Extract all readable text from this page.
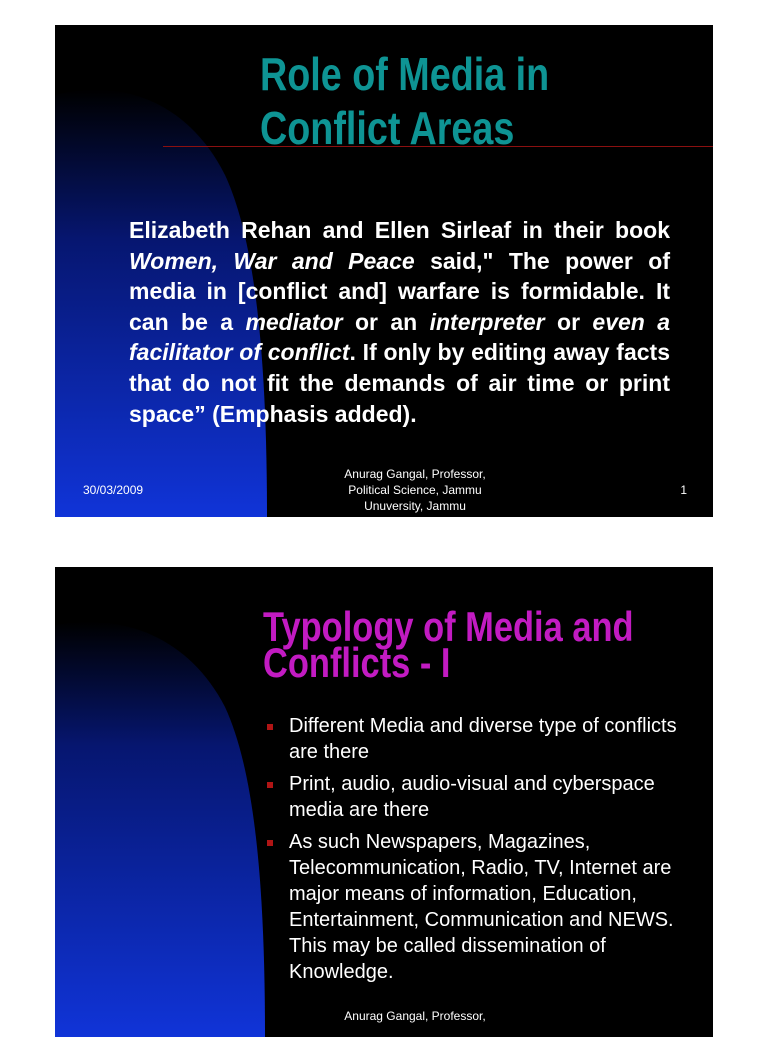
Role of Media in
Conflict Areas

Elizabeth Rehan and Ellen Sirleaf in their book Women, War and Peace said," The power of media in [conflict and] warfare is formidable. It can be a mediator or an interpreter or even a facilitator of conflict. If only by editing away facts that do not fit the demands of air time or print space” (Emphasis added).

30/03/2009
Anurag Gangal, Professor,
Political Science, Jammu
Unuversity, Jammu
1
Typology of Media and
Conflicts - I
Different Media and diverse type of conflicts are there
Print, audio, audio-visual and cyberspace media are there
As such Newspapers, Magazines, Telecommunication, Radio, TV, Internet are major means of information, Education, Entertainment, Communication and NEWS. This may be called dissemination of Knowledge.
Anurag Gangal, Professor,
